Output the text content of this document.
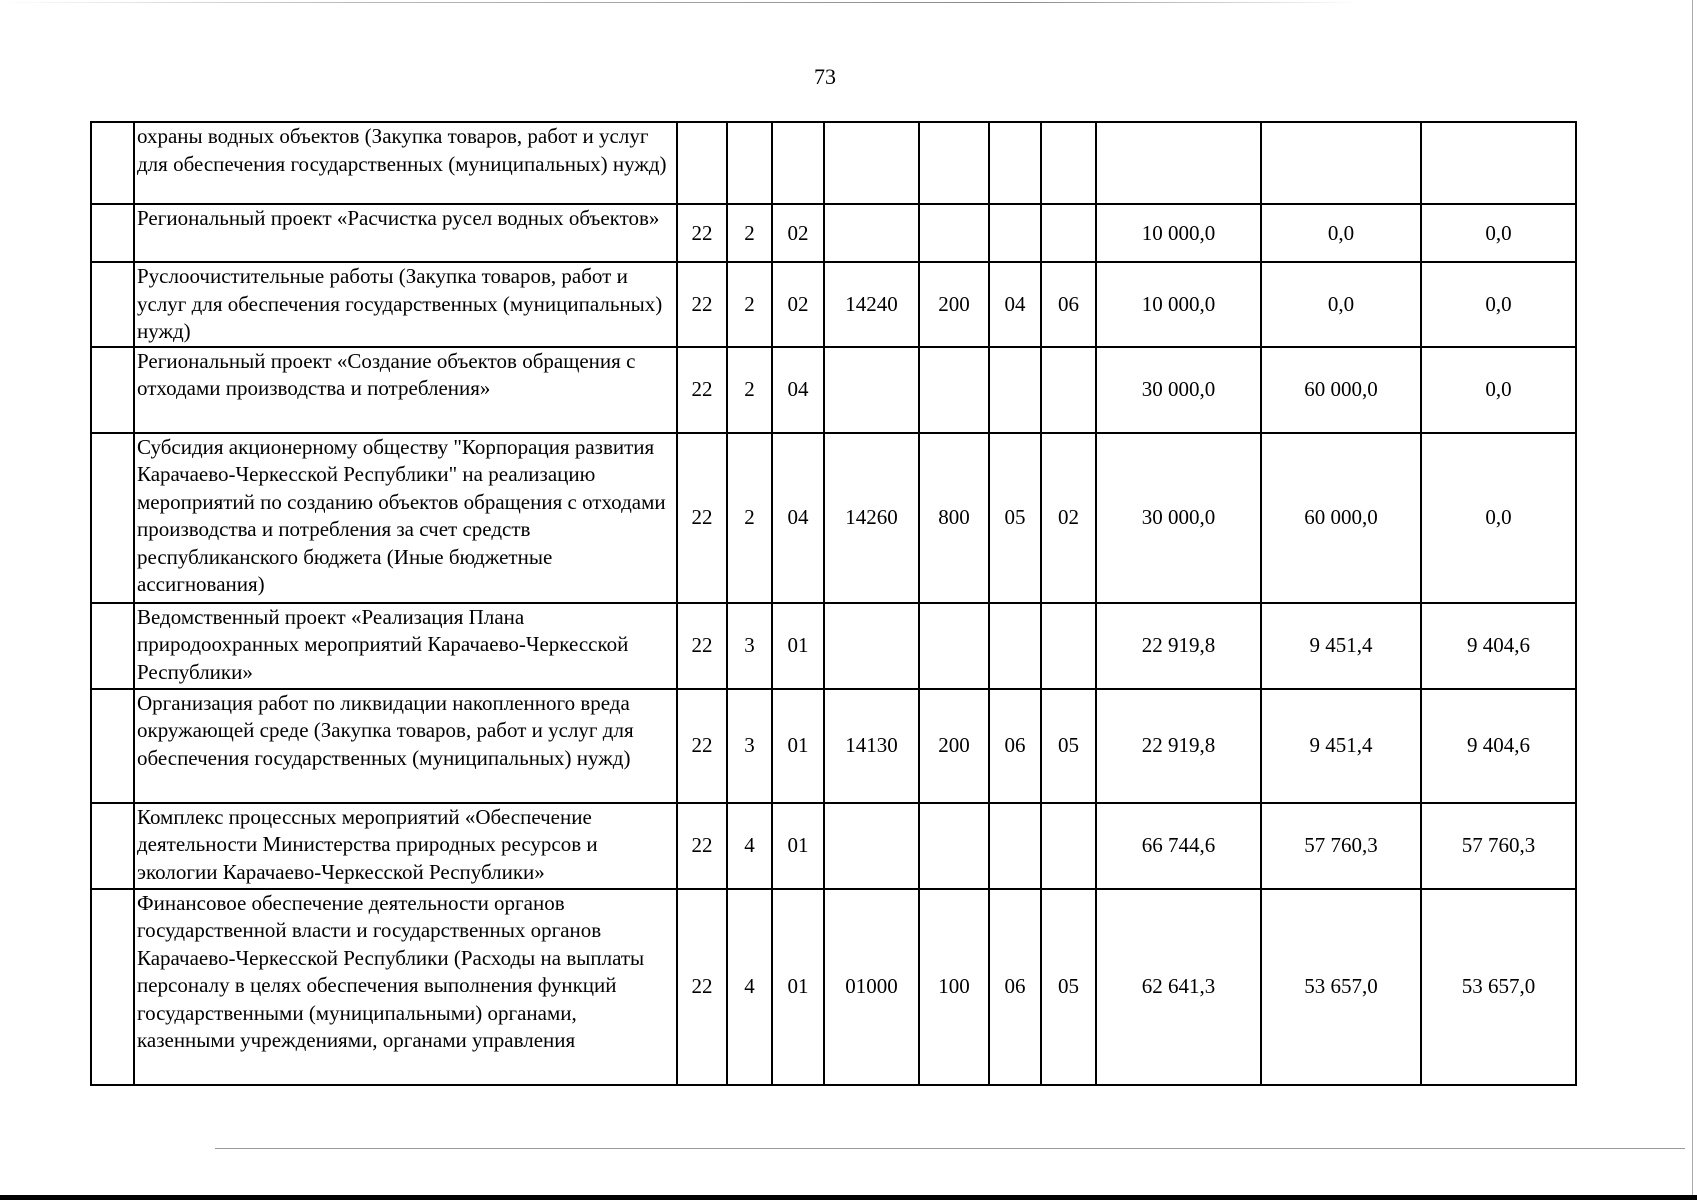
73
	охраны водных объектов (Закупка товаров, работ и услуг для обеспечения государственных (муниципальных) нужд)										
	Региональный проект «Расчистка русел водных объектов»	22	2	02					10 000,0	0,0	0,0
	Руслоочистительные работы (Закупка товаров, работ и услуг для обеспечения государственных (муниципальных) нужд)	22	2	02	14240	200	04	06	10 000,0	0,0	0,0
	Региональный проект «Создание объектов обращения с отходами производства и потребления»	22	2	04					30 000,0	60 000,0	0,0
	Субсидия акционерному обществу "Корпорация развития Карачаево-Черкесской Республики" на реализацию мероприятий по созданию объектов обращения с отходами производства и потребления за счет средств республиканского бюджета (Иные бюджетные ассигнования)	22	2	04	14260	800	05	02	30 000,0	60 000,0	0,0
	Ведомственный проект «Реализация Плана природоохранных мероприятий Карачаево-Черкесской Республики»	22	3	01					22 919,8	9 451,4	9 404,6
	Организация работ по ликвидации накопленного вреда окружающей среде (Закупка товаров, работ и услуг для обеспечения государственных (муниципальных) нужд)	22	3	01	14130	200	06	05	22 919,8	9 451,4	9 404,6
	Комплекс процессных мероприятий «Обеспечение деятельности Министерства природных ресурсов и экологии Карачаево-Черкесской Республики»	22	4	01					66 744,6	57 760,3	57 760,3
	Финансовое обеспечение деятельности органов государственной власти и государственных органов Карачаево-Черкесской Республики (Расходы на выплаты персоналу в целях обеспечения выполнения функций государственными (муниципальными) органами, казенными учреждениями, органами управления	22	4	01	01000	100	06	05	62 641,3	53 657,0	53 657,0
